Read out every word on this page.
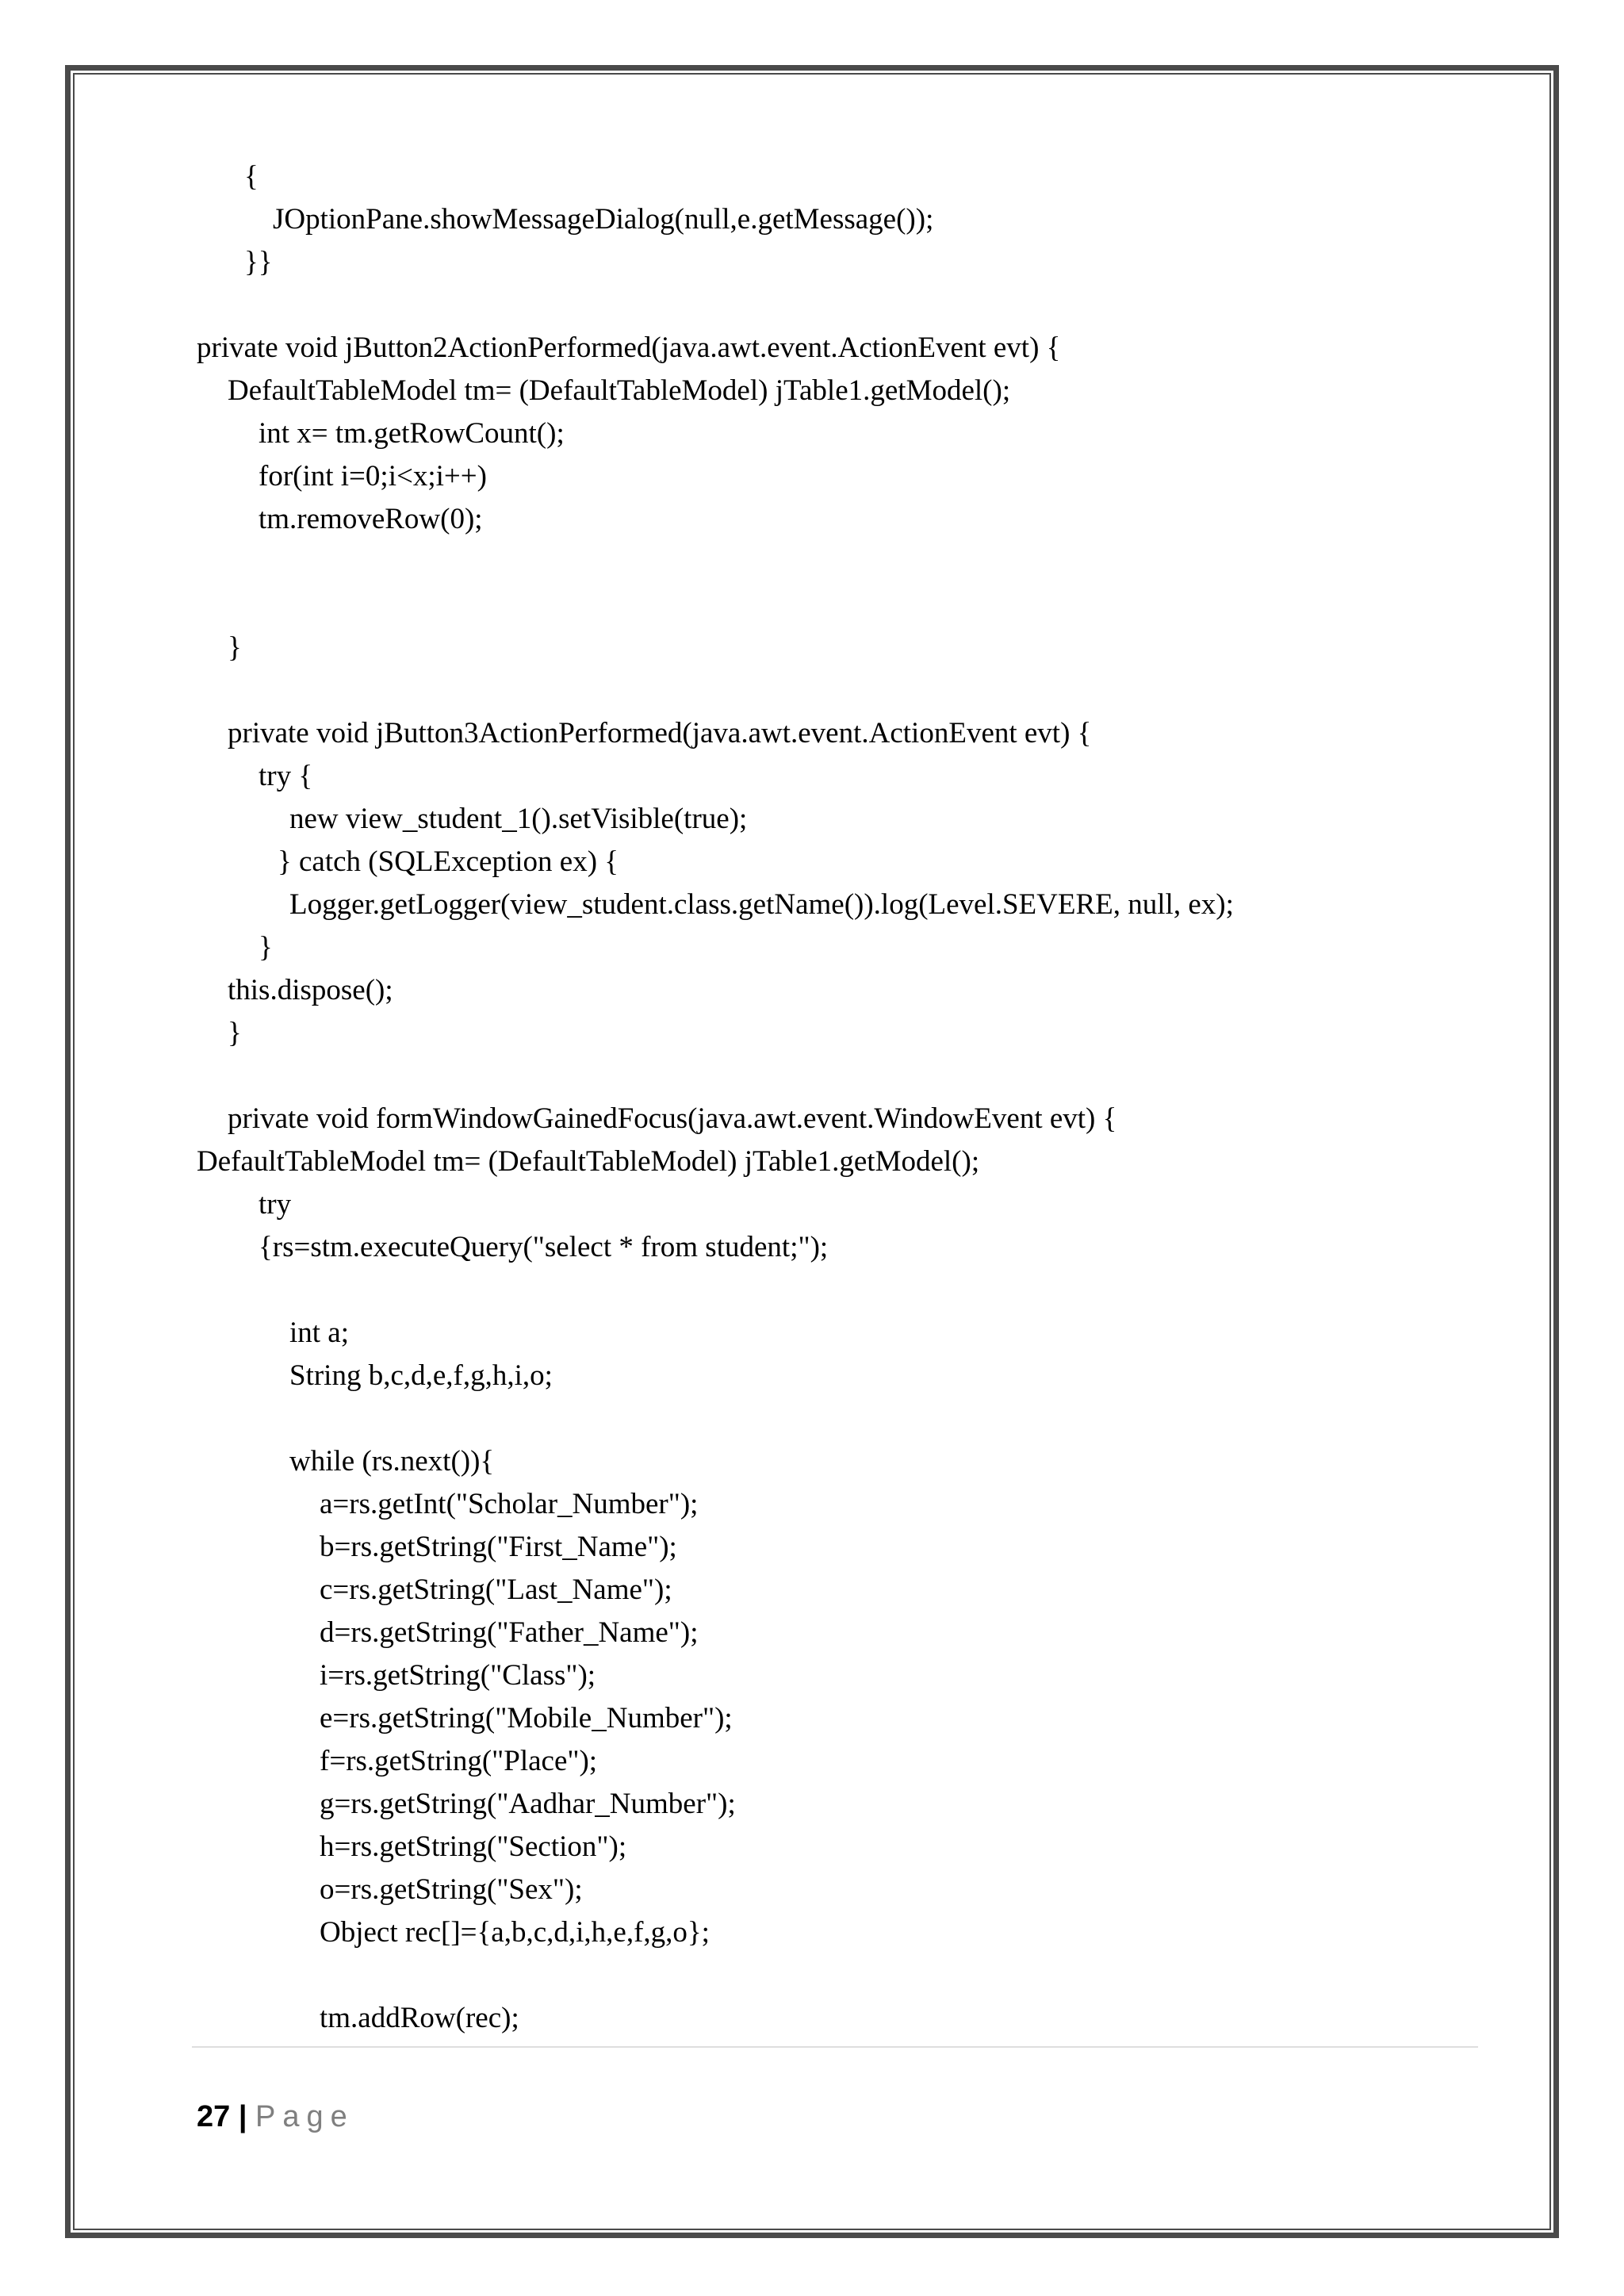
{
JOptionPane.showMessageDialog(null,e.getMessage());
}}
private void jButton2ActionPerformed(java.awt.event.ActionEvent evt) {
DefaultTableModel tm= (DefaultTableModel) jTable1.getModel();
int x= tm.getRowCount();
for(int i=0;i<x;i++)
tm.removeRow(0);
}
private void jButton3ActionPerformed(java.awt.event.ActionEvent evt) {
try {
new view_student_1().setVisible(true);
} catch (SQLException ex) {
Logger.getLogger(view_student.class.getName()).log(Level.SEVERE, null, ex);
}
this.dispose();
}
private void formWindowGainedFocus(java.awt.event.WindowEvent evt) {
DefaultTableModel tm= (DefaultTableModel) jTable1.getModel();
try
{rs=stm.executeQuery("select * from student;");
int a;
String b,c,d,e,f,g,h,i,o;
while (rs.next()){
a=rs.getInt("Scholar_Number");
b=rs.getString("First_Name");
c=rs.getString("Last_Name");
d=rs.getString("Father_Name");
i=rs.getString("Class");
e=rs.getString("Mobile_Number");
f=rs.getString("Place");
g=rs.getString("Aadhar_Number");
h=rs.getString("Section");
o=rs.getString("Sex");
Object rec[]={a,b,c,d,i,h,e,f,g,o};
tm.addRow(rec);
27 | Page
